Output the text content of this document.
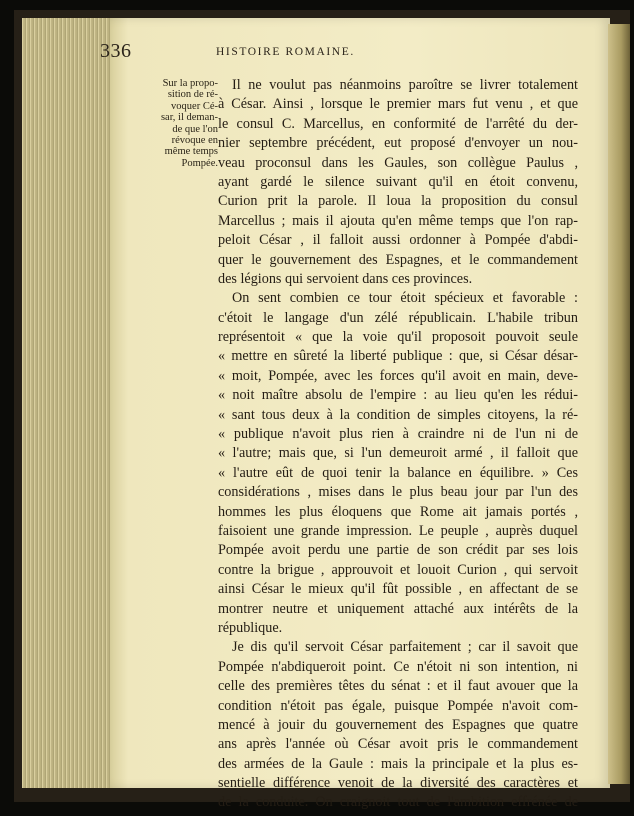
336	HISTOIRE ROMAINE.
Sur la propo-
sition de ré-
voquer Cé-
sar, il deman-
de que l'on
révoque en
même temps
Pompée.
Il ne voulut pas néanmoins paroître se livrer totalement
à César. Ainsi , lorsque le premier mars fut venu , et que
le consul C. Marcellus, en conformité de l'arrêté du der-
nier septembre précédent, eut proposé d'envoyer un nou-
veau proconsul dans les Gaules, son collègue Paulus ,
ayant gardé le silence suivant qu'il en étoit convenu,
Curion prit la parole. Il loua la proposition du consul
Marcellus ; mais il ajouta qu'en même temps que l'on rap-
peloit César , il falloit aussi ordonner à Pompée d'abdi-
quer le gouvernement des Espagnes, et le commandement
des légions qui servoient dans ces provinces.
On sent combien ce tour étoit spécieux et favorable :
c'étoit le langage d'un zélé républicain. L'habile tribun
représentoit « que la voie qu'il proposoit pouvoit seule
« mettre en sûreté la liberté publique : que, si César désar-
« moit, Pompée, avec les forces qu'il avoit en main, deve-
« noit maître absolu de l'empire : au lieu qu'en les rédui-
« sant tous deux à la condition de simples citoyens, la ré-
« publique n'avoit plus rien à craindre ni de l'un ni de
« l'autre; mais que, si l'un demeuroit armé , il falloit que
« l'autre eût de quoi tenir la balance en équilibre. » Ces
considérations , mises dans le plus beau jour par l'un des
hommes les plus éloquens que Rome ait jamais portés ,
faisoient une grande impression. Le peuple , auprès duquel
Pompée avoit perdu une partie de son crédit par ses lois
contre la brigue , approuvoit et louoit Curion , qui servoit
ainsi César le mieux qu'il fût possible , en affectant de se
montrer neutre et uniquement attaché aux intérêts de la
république.
Je dis qu'il servoit César parfaitement ; car il savoit que
Pompée n'abdiqueroit point. Ce n'étoit ni son intention, ni
celle des premières têtes du sénat : et il faut avouer que la
condition n'étoit pas égale, puisque Pompée n'avoit com-
mencé à jouir du gouvernement des Espagnes que quatre
ans après l'année où César avoit pris le commandement
des armées de la Gaule : mais la principale et la plus es-
sentielle différence venoit de la diversité des caractères et
de la conduite. On craignoit tout de l'ambition effrénée de
